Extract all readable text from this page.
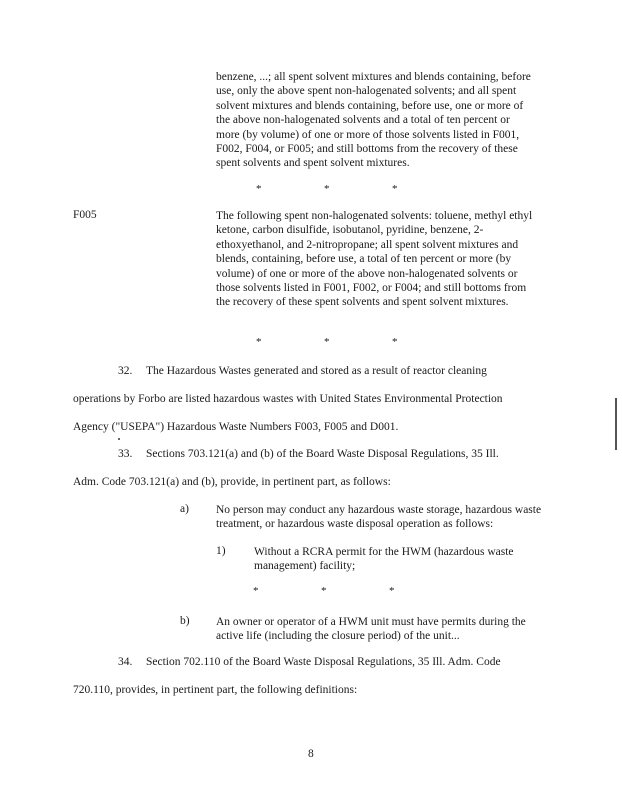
benzene, ...; all spent solvent mixtures and blends containing, before use, only the above spent non-halogenated solvents; and all spent solvent mixtures and blends containing, before use, one or more of the above non-halogenated solvents and a total of ten percent or more (by volume) of one or more of those solvents listed in F001, F002, F004, or F005; and still bottoms from the recovery of these spent solvents and spent solvent mixtures.
*	*	*
F005	The following spent non-halogenated solvents: toluene, methyl ethyl ketone, carbon disulfide, isobutanol, pyridine, benzene, 2-ethoxyethanol, and 2-nitropropane; all spent solvent mixtures and blends, containing, before use, a total of ten percent or more (by volume) of one or more of the above non-halogenated solvents or those solvents listed in F001, F002, or F004; and still bottoms from the recovery of these spent solvents and spent solvent mixtures.
*	*	*
32. The Hazardous Wastes generated and stored as a result of reactor cleaning
operations by Forbo are listed hazardous wastes with United States Environmental Protection
Agency ("USEPA") Hazardous Waste Numbers F003, F005 and D001.
33. Sections 703.121(a) and (b) of the Board Waste Disposal Regulations, 35 Ill.
Adm. Code 703.121(a) and (b), provide, in pertinent part, as follows:
a) No person may conduct any hazardous waste storage, hazardous waste treatment, or hazardous waste disposal operation as follows:
1) Without a RCRA permit for the HWM (hazardous waste management) facility;
*	*	*
b) An owner or operator of a HWM unit must have permits during the active life (including the closure period) of the unit...
34. Section 702.110 of the Board Waste Disposal Regulations, 35 Ill. Adm. Code
720.110, provides, in pertinent part, the following definitions:
8
